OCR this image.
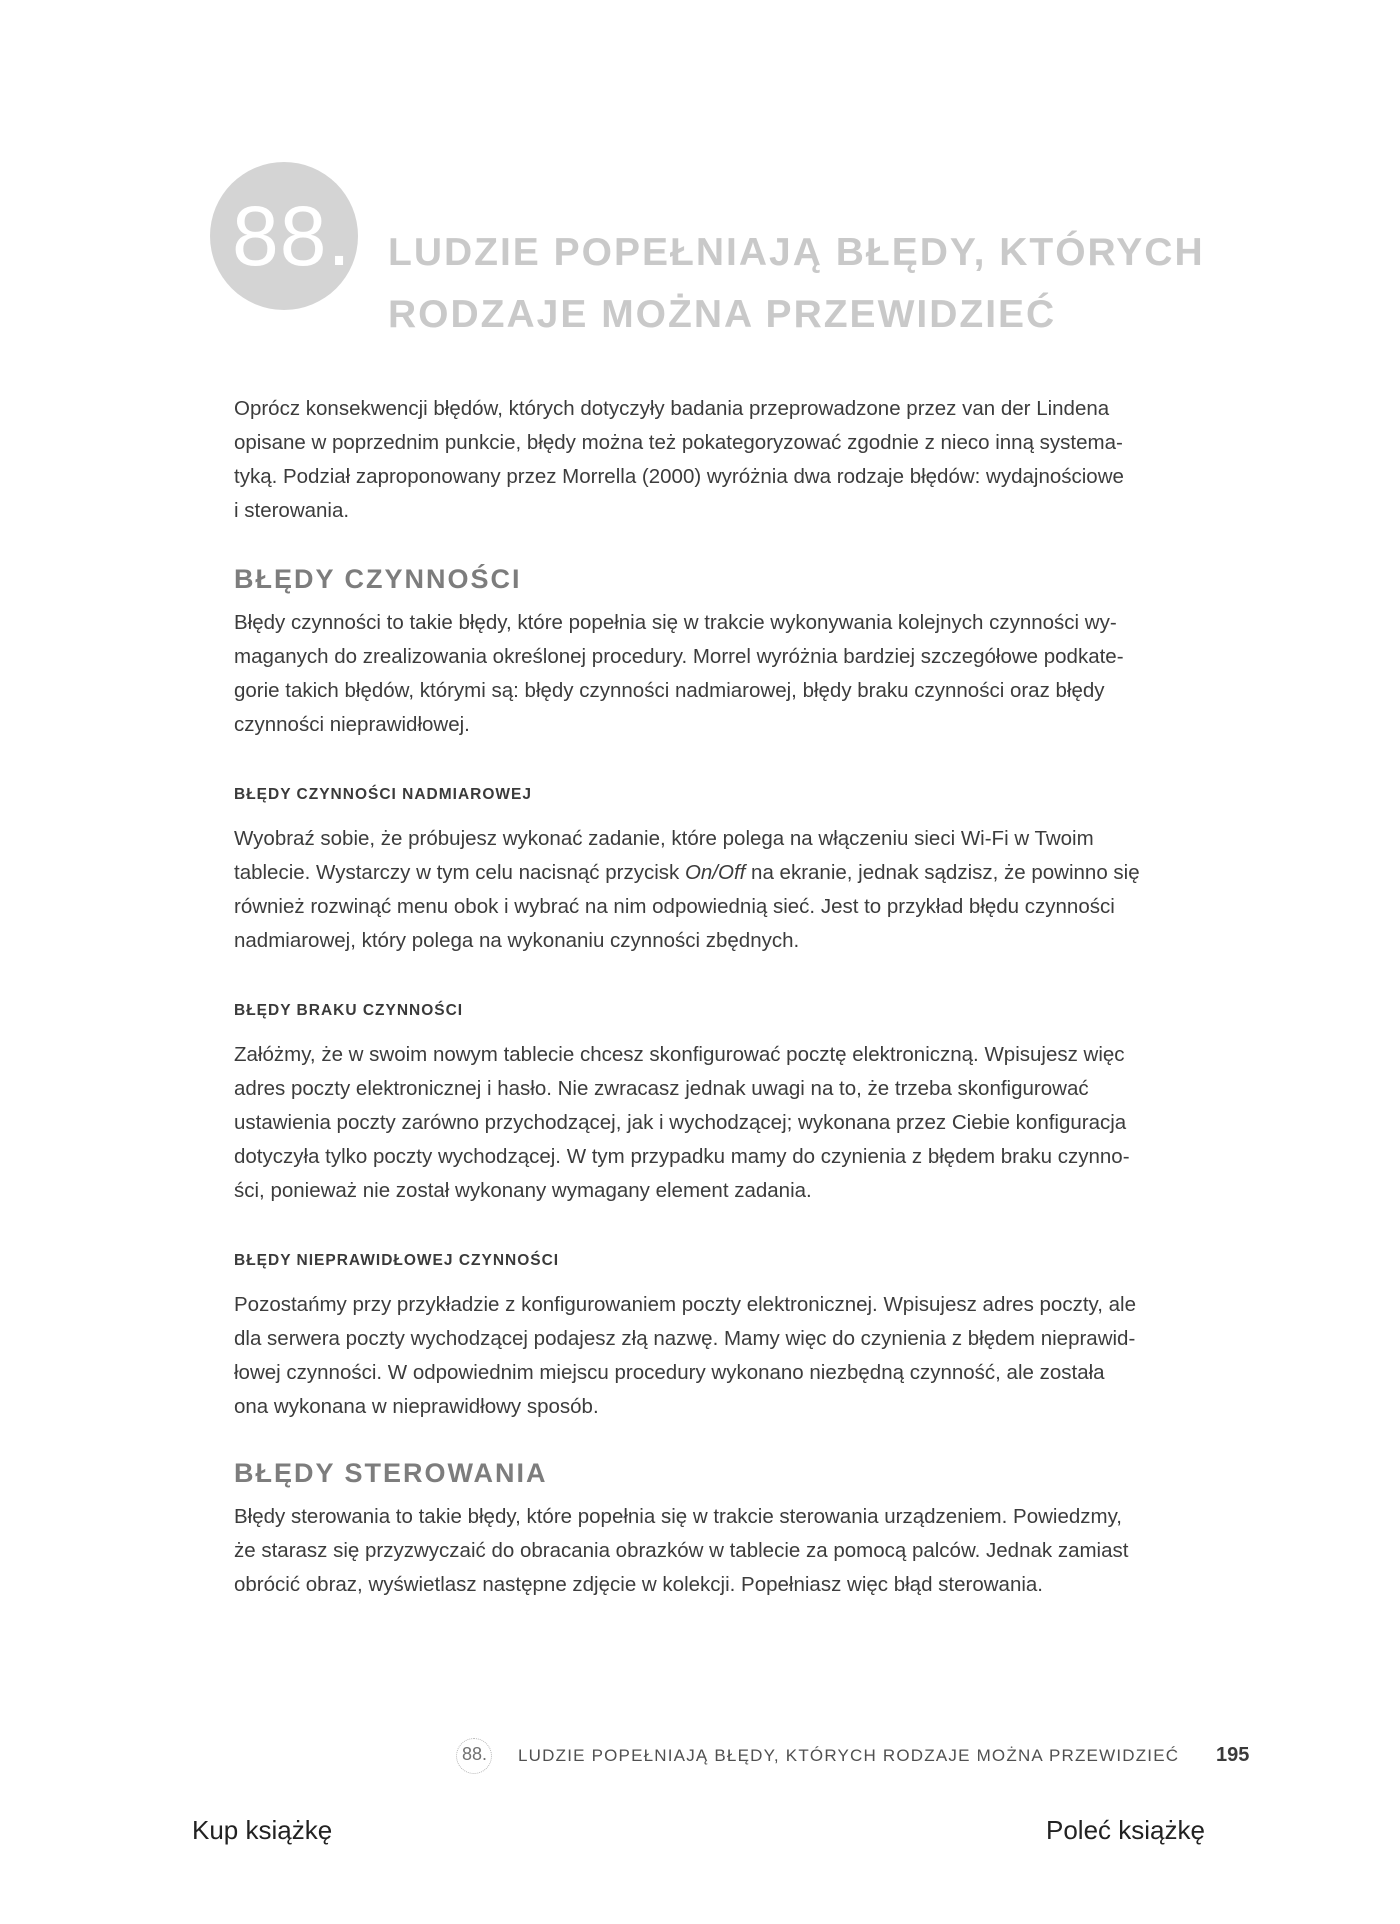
88. LUDZIE POPEŁNIAJĄ BŁĘDY, KTÓRYCH
RODZAJE MOŻNA PRZEWIDZIEĆ

Oprócz konsekwencji błędów, których dotyczyły badania przeprowadzone przez van der Lindena
opisane w poprzednim punkcie, błędy można też pokategoryzować zgodnie z nieco inną systema-
tyką. Podział zaproponowany przez Morrella (2000) wyróżnia dwa rodzaje błędów: wydajnościowe
i sterowania.

BŁĘDY CZYNNOŚCI

Błędy czynności to takie błędy, które popełnia się w trakcie wykonywania kolejnych czynności wy-
maganych do zrealizowania określonej procedury. Morrel wyróżnia bardziej szczegółowe podkate-
gorie takich błędów, którymi są: błędy czynności nadmiarowej, błędy braku czynności oraz błędy
czynności nieprawidłowej.

BŁĘDY CZYNNOŚCI NADMIAROWEJ

Wyobraź sobie, że próbujesz wykonać zadanie, które polega na włączeniu sieci Wi-Fi w Twoim
tablecie. Wystarczy w tym celu nacisnąć przycisk On/Off na ekranie, jednak sądzisz, że powinno się
również rozwinąć menu obok i wybrać na nim odpowiednią sieć. Jest to przykład błędu czynności
nadmiarowej, który polega na wykonaniu czynności zbędnych.

BŁĘDY BRAKU CZYNNOŚCI

Załóżmy, że w swoim nowym tablecie chcesz skonfigurować pocztę elektroniczną. Wpisujesz więc
adres poczty elektronicznej i hasło. Nie zwracasz jednak uwagi na to, że trzeba skonfigurować
ustawienia poczty zarówno przychodzącej, jak i wychodzącej; wykonana przez Ciebie konfiguracja
dotyczyła tylko poczty wychodzącej. W tym przypadku mamy do czynienia z błędem braku czynno-
ści, ponieważ nie został wykonany wymagany element zadania.

BŁĘDY NIEPRAWIDŁOWEJ CZYNNOŚCI

Pozostańmy przy przykładzie z konfigurowaniem poczty elektronicznej. Wpisujesz adres poczty, ale
dla serwera poczty wychodzącej podajesz złą nazwę. Mamy więc do czynienia z błędem nieprawid-
łowej czynności. W odpowiednim miejscu procedury wykonano niezbędną czynność, ale została
ona wykonana w nieprawidłowy sposób.

BŁĘDY STEROWANIA

Błędy sterowania to takie błędy, które popełnia się w trakcie sterowania urządzeniem. Powiedzmy,
że starasz się przyzwyczaić do obracania obrazków w tablecie za pomocą palców. Jednak zamiast
obrócić obraz, wyświetlasz następne zdjęcie w kolekcji. Popełniasz więc błąd sterowania.

88. LUDZIE POPEŁNIAJĄ BŁĘDY, KTÓRYCH RODZAJE MOŻNA PRZEWIDZIEĆ 195
Kup książkę	Poleć książkę
